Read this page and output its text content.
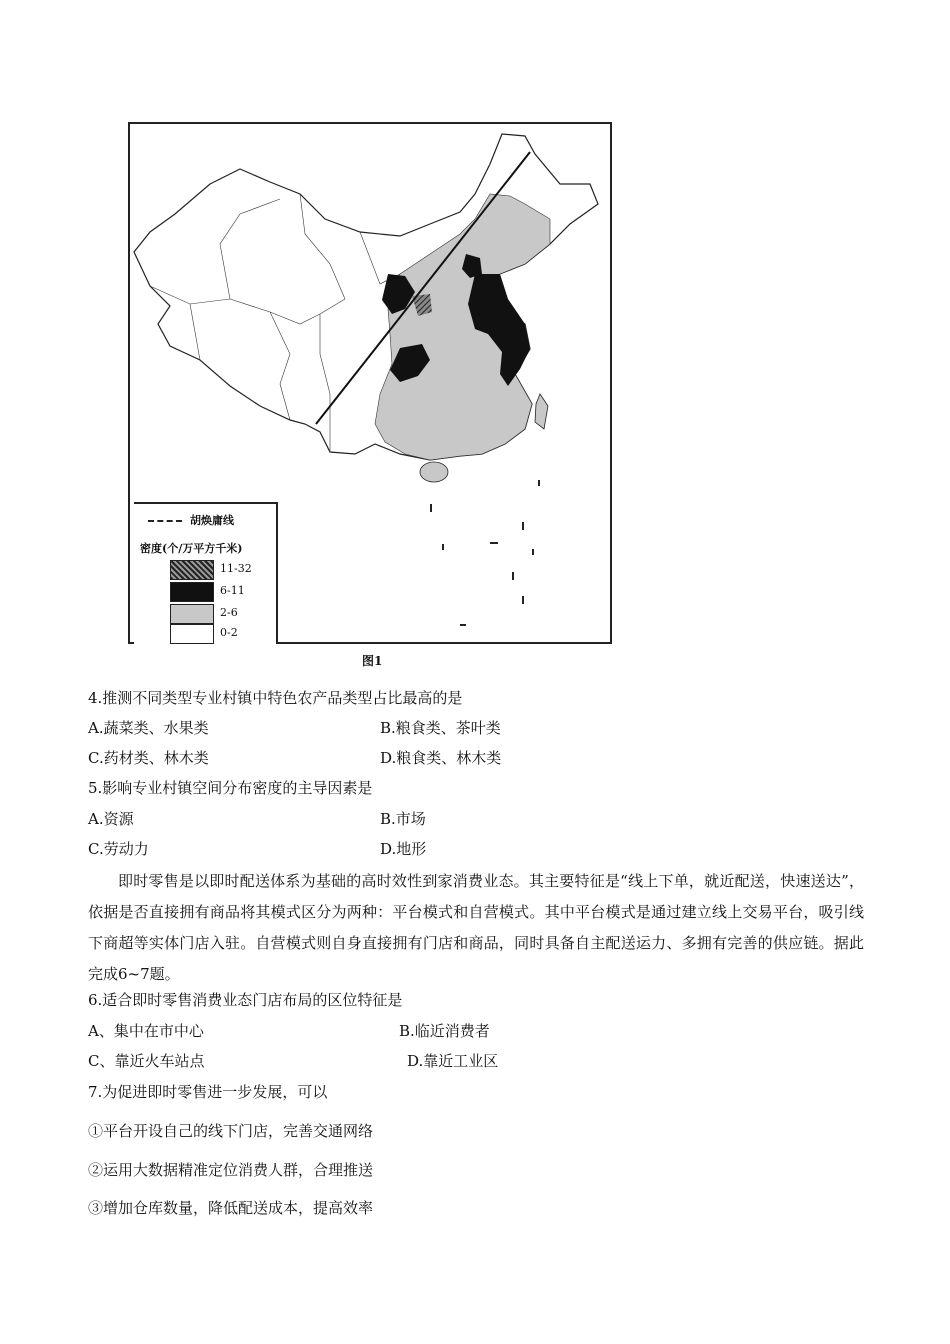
胡焕庸线
密度(个/万平方千米)
11-32
6-11
2-6
0-2
图1
4.推测不同类型专业村镇中特色农产品类型占比最高的是
A.蔬菜类、水果类	B.粮食类、茶叶类
C.药材类、林木类	D.粮食类、林木类
5.影响专业村镇空间分布密度的主导因素是
A.资源	B.市场
C.劳动力	D.地形
即时零售是以即时配送体系为基础的高时效性到家消费业态。其主要特征是“线上下单，就近配送，快速送达”，依据是否直接拥有商品将其模式区分为两种：平台模式和自营模式。其中平台模式是通过建立线上交易平台，吸引线下商超等实体门店入驻。自营模式则自身直接拥有门店和商品，同时具备自主配送运力、多拥有完善的供应链。据此完成6~7题。
6.适合即时零售消费业态门店布局的区位特征是
A、集中在市中心	B.临近消费者
C、靠近火车站点	D.靠近工业区
7.为促进即时零售进一步发展，可以
①平台开设自己的线下门店，完善交通网络
②运用大数据精准定位消费人群，合理推送
③增加仓库数量，降低配送成本，提高效率
